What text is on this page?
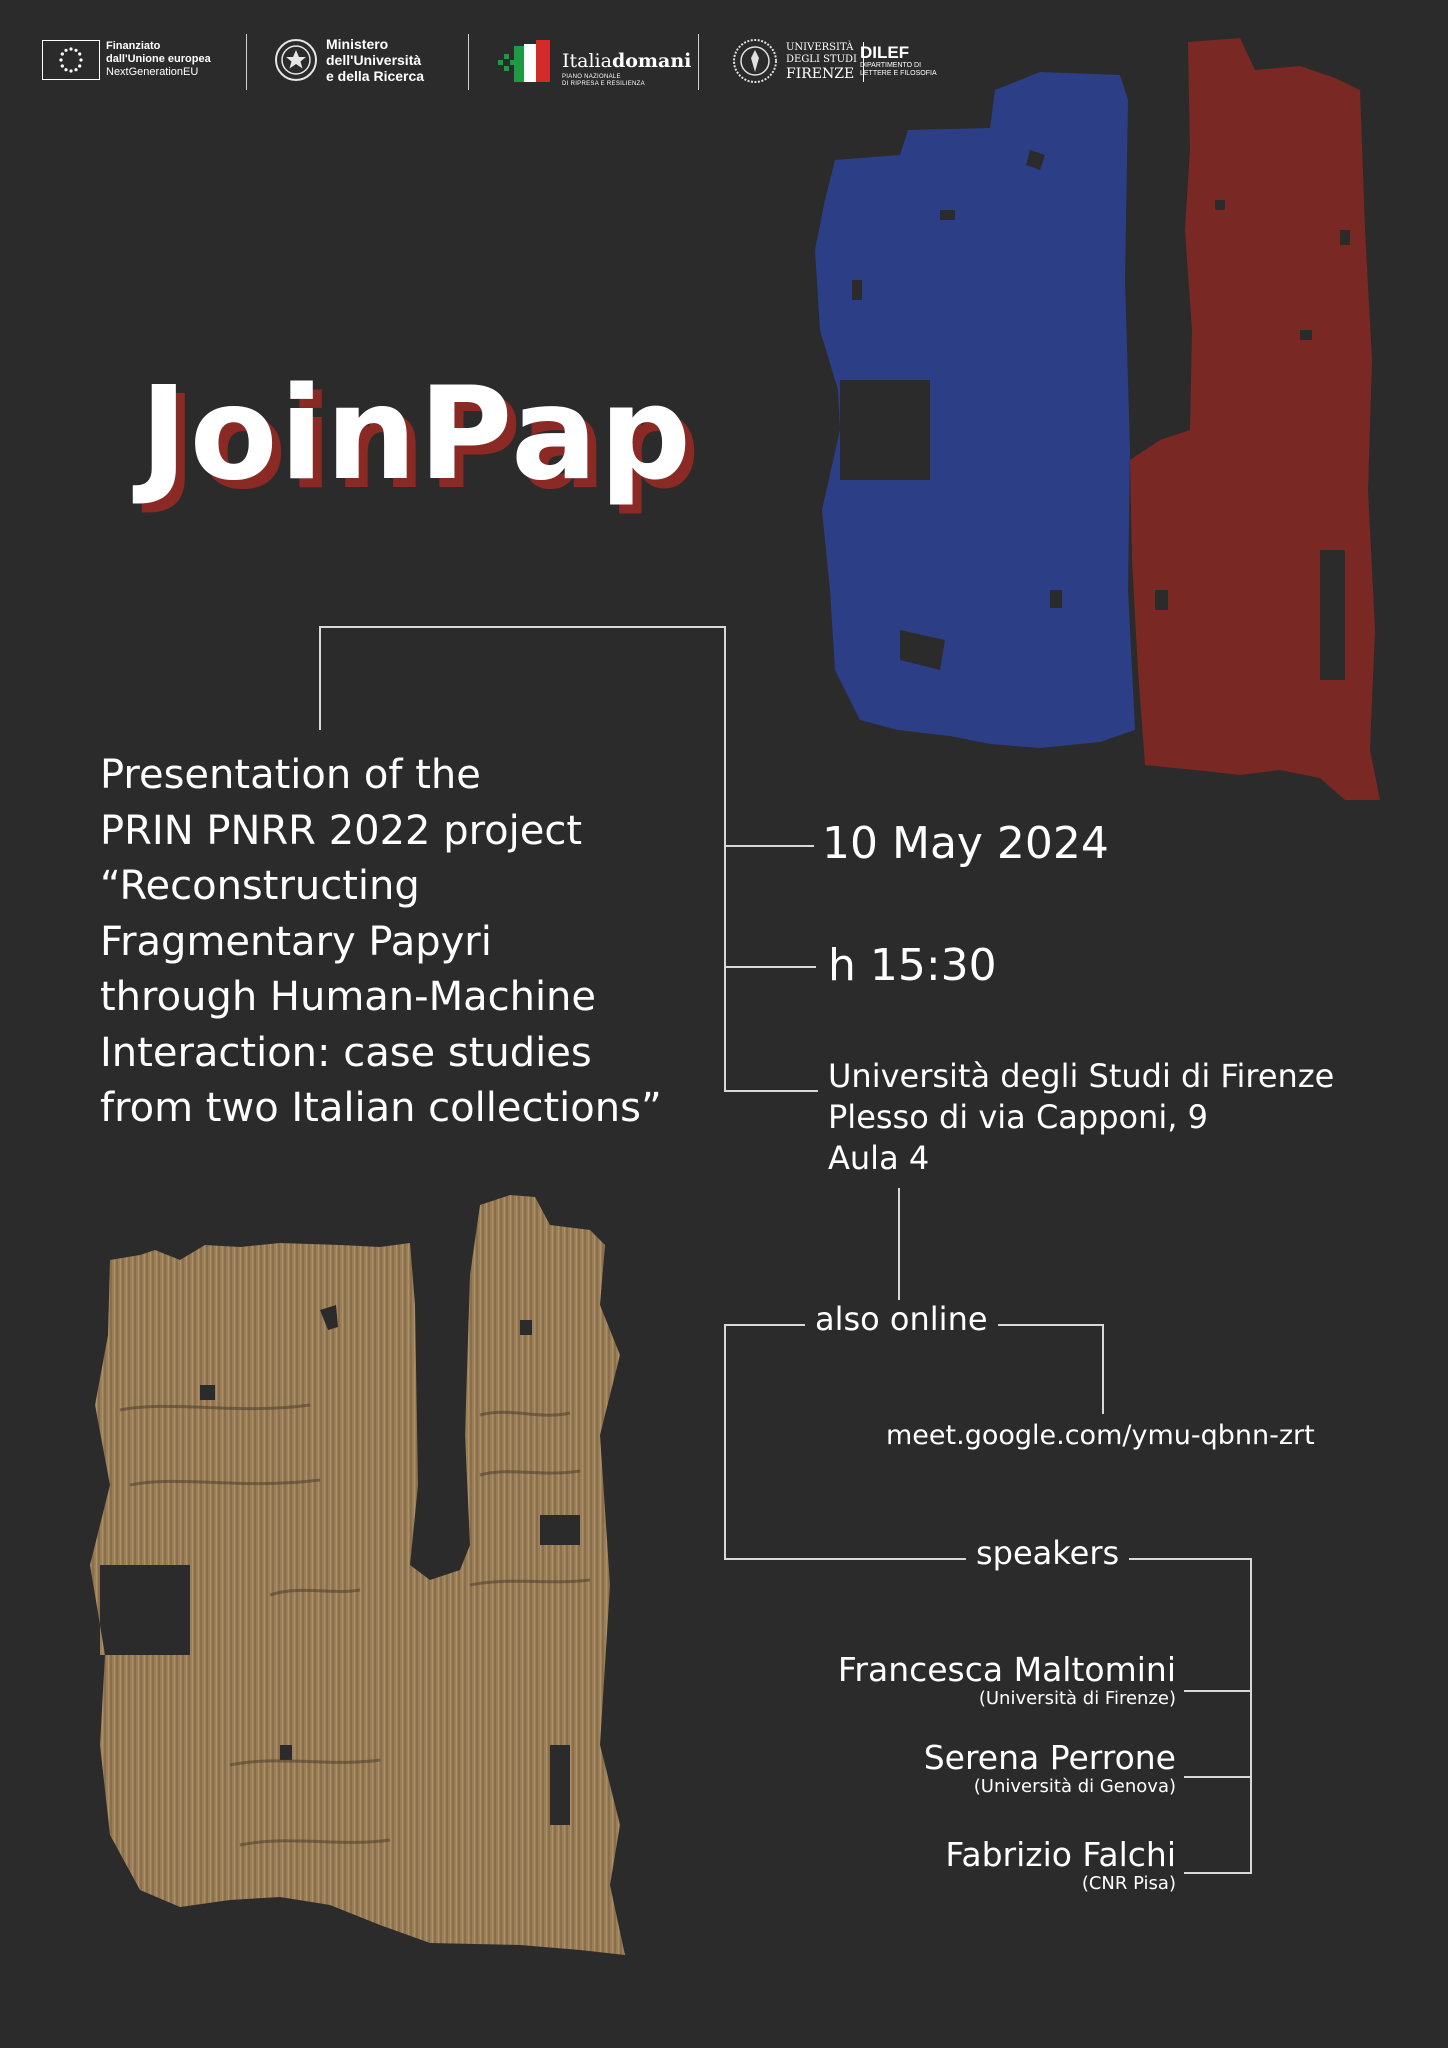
Finanziato
dall'Unione europea
NextGenerationEU
Ministero
dell'Università
e della Ricerca
Italiadomani
PIANO NAZIONALE
DI RIPRESA E RESILIENZA
UNIVERSITÀ
DEGLI STUDI
FIRENZE
DILEF
DIPARTIMENTO DI
LETTERE E FILOSOFIA
JoinPap
Presentation of the
PRIN PNRR 2022 project
“Reconstructing
Fragmentary Papyri
through Human-Machine
Interaction: case studies
from two Italian collections”
10 May 2024
h 15:30
Università degli Studi di Firenze
Plesso di via Capponi, 9
Aula 4
also online
meet.google.com/ymu-qbnn-zrt
speakers
Francesca Maltomini
(Università di Firenze)
Serena Perrone
(Università di Genova)
Fabrizio Falchi
(CNR Pisa)
